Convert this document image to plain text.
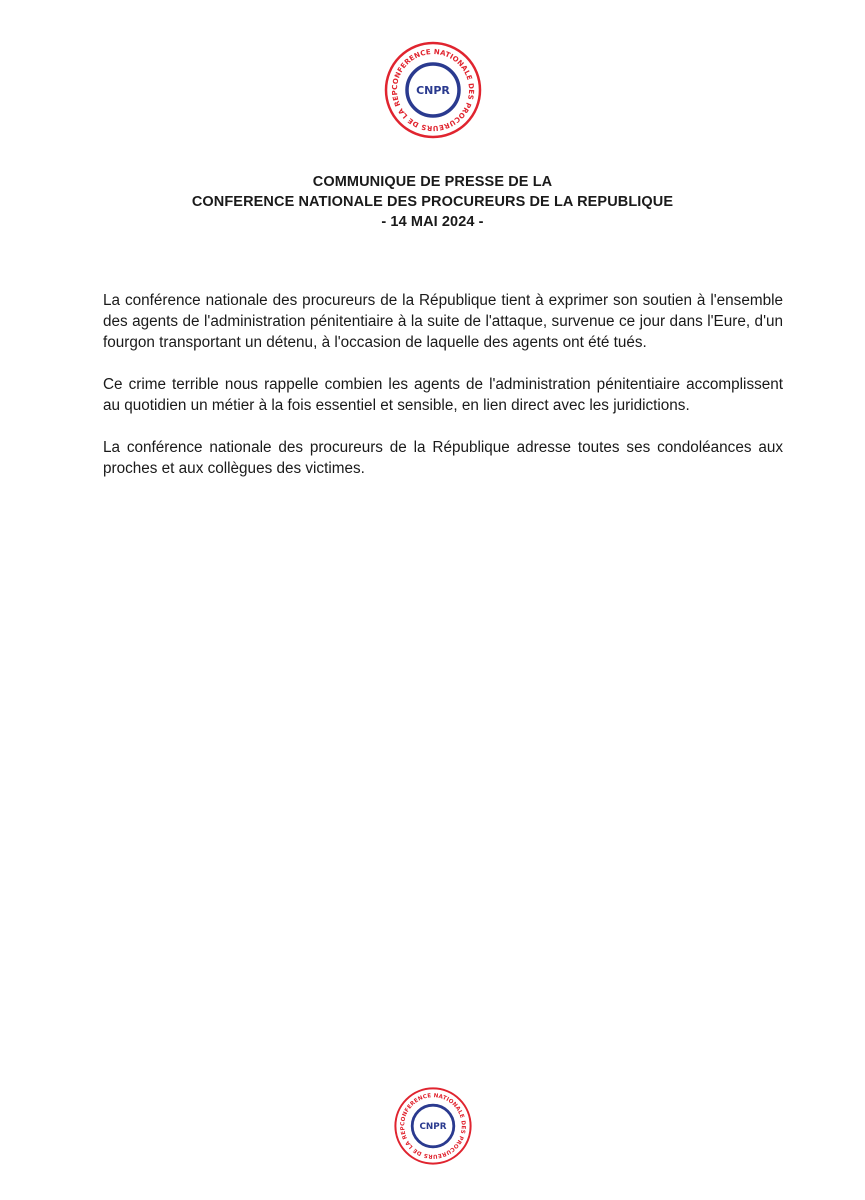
CONFERENCE NATIONALE DES PROCUREURS DE LA REP	CNPR
COMMUNIQUE DE PRESSE DE LA
CONFERENCE NATIONALE DES PROCUREURS DE LA REPUBLIQUE
- 14 MAI 2024 -

La conférence nationale des procureurs de la République tient à exprimer son soutien à l'ensemble des agents de l'administration pénitentiaire à la suite de l'attaque, survenue ce jour dans l'Eure, d'un fourgon transportant un détenu, à l'occasion de laquelle des agents ont été tués.

Ce crime terrible nous rappelle combien les agents de l'administration pénitentiaire accomplissent au quotidien un métier à la fois essentiel et sensible, en lien direct avec les juridictions.

La conférence nationale des procureurs de la République adresse toutes ses condoléances aux proches et aux collègues des victimes.

CONFERENCE NATIONALE DES PROCUREURS DE LA REP	CNPR
